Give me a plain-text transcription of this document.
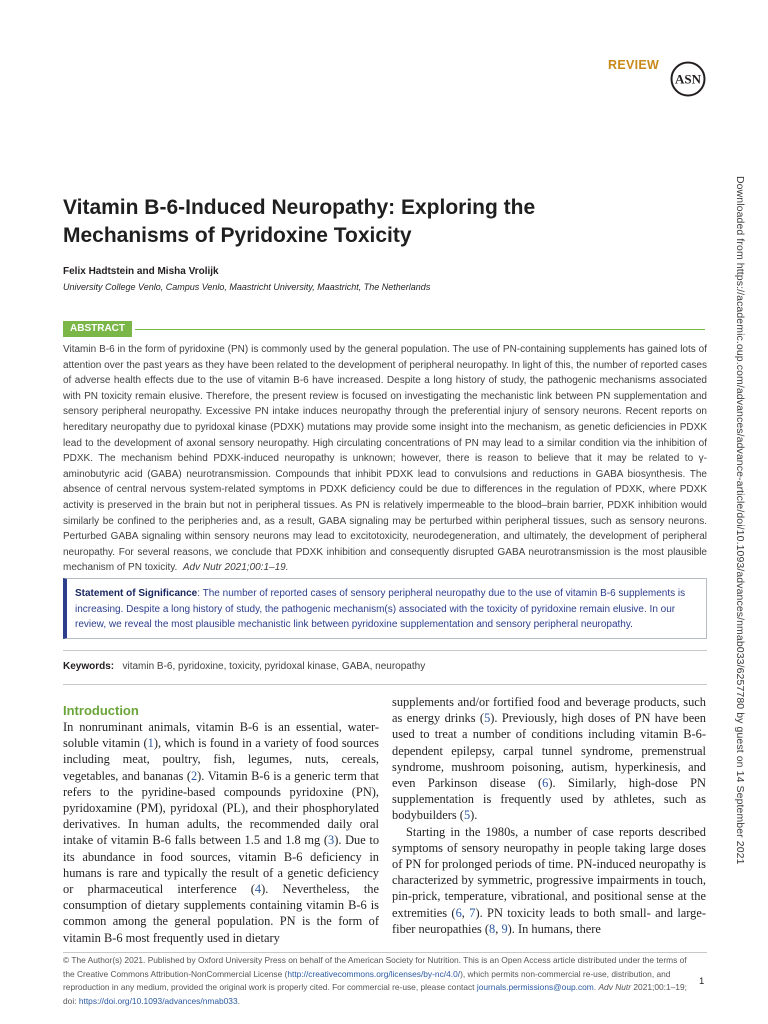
REVIEW
ASN
Downloaded from https://academic.oup.com/advances/advance-article/doi/10.1093/advances/nmab033/6257780 by guest on 14 September 2021
Vitamin B-6-Induced Neuropathy: Exploring the Mechanisms of Pyridoxine Toxicity
Felix Hadtstein and Misha Vrolijk
University College Venlo, Campus Venlo, Maastricht University, Maastricht, The Netherlands
ABSTRACT
Vitamin B-6 in the form of pyridoxine (PN) is commonly used by the general population. The use of PN-containing supplements has gained lots of attention over the past years as they have been related to the development of peripheral neuropathy. In light of this, the number of reported cases of adverse health effects due to the use of vitamin B-6 have increased. Despite a long history of study, the pathogenic mechanisms associated with PN toxicity remain elusive. Therefore, the present review is focused on investigating the mechanistic link between PN supplementation and sensory peripheral neuropathy. Excessive PN intake induces neuropathy through the preferential injury of sensory neurons. Recent reports on hereditary neuropathy due to pyridoxal kinase (PDXK) mutations may provide some insight into the mechanism, as genetic deficiencies in PDXK lead to the development of axonal sensory neuropathy. High circulating concentrations of PN may lead to a similar condition via the inhibition of PDXK. The mechanism behind PDXK-induced neuropathy is unknown; however, there is reason to believe that it may be related to γ-aminobutyric acid (GABA) neurotransmission. Compounds that inhibit PDXK lead to convulsions and reductions in GABA biosynthesis. The absence of central nervous system-related symptoms in PDXK deficiency could be due to differences in the regulation of PDXK, where PDXK activity is preserved in the brain but not in peripheral tissues. As PN is relatively impermeable to the blood–brain barrier, PDXK inhibition would similarly be confined to the peripheries and, as a result, GABA signaling may be perturbed within peripheral tissues, such as sensory neurons. Perturbed GABA signaling within sensory neurons may lead to excitotoxicity, neurodegeneration, and ultimately, the development of peripheral neuropathy. For several reasons, we conclude that PDXK inhibition and consequently disrupted GABA neurotransmission is the most plausible mechanism of PN toxicity. Adv Nutr 2021;00:1–19.
Statement of Significance: The number of reported cases of sensory peripheral neuropathy due to the use of vitamin B-6 supplements is increasing. Despite a long history of study, the pathogenic mechanism(s) associated with the toxicity of pyridoxine remain elusive. In our review, we reveal the most plausible mechanistic link between pyridoxine supplementation and sensory peripheral neuropathy.
Keywords: vitamin B-6, pyridoxine, toxicity, pyridoxal kinase, GABA, neuropathy
Introduction

In nonruminant animals, vitamin B-6 is an essential, water-soluble vitamin (1), which is found in a variety of food sources including meat, poultry, fish, legumes, nuts, cereals, vegetables, and bananas (2). Vitamin B-6 is a generic term that refers to the pyridine-based compounds pyridoxine (PN), pyridoxamine (PM), pyridoxal (PL), and their phosphorylated derivatives. In human adults, the recommended daily oral intake of vitamin B-6 falls between 1.5 and 1.8 mg (3). Due to its abundance in food sources, vitamin B-6 deficiency in humans is rare and typically the result of a genetic deficiency or pharmaceutical interference (4). Nevertheless, the consumption of dietary supplements containing vitamin B-6 is common among the general population. PN is the form of vitamin B-6 most frequently used in dietary

supplements and/or fortified food and beverage products, such as energy drinks (5). Previously, high doses of PN have been used to treat a number of conditions including vitamin B-6-dependent epilepsy, carpal tunnel syndrome, premenstrual syndrome, mushroom poisoning, autism, hyperkinesis, and even Parkinson disease (6). Similarly, high-dose PN supplementation is frequently used by athletes, such as bodybuilders (5).

Starting in the 1980s, a number of case reports described symptoms of sensory neuropathy in people taking large doses of PN for prolonged periods of time. PN-induced neuropathy is characterized by symmetric, progressive impairments in touch, pin-prick, temperature, vibrational, and positional sense at the extremities (6, 7). PN toxicity leads to both small- and large-fiber neuropathies (8, 9). In humans, there

© The Author(s) 2021. Published by Oxford University Press on behalf of the American Society for Nutrition. This is an Open Access article distributed under the terms of the Creative Commons Attribution-NonCommercial License (http://creativecommons.org/licenses/by-nc/4.0/), which permits non-commercial re-use, distribution, and reproduction in any medium, provided the original work is properly cited. For commercial re-use, please contact journals.permissions@oup.com. Adv Nutr 2021;00:1–19; doi: https://doi.org/10.1093/advances/nmab033.
1
